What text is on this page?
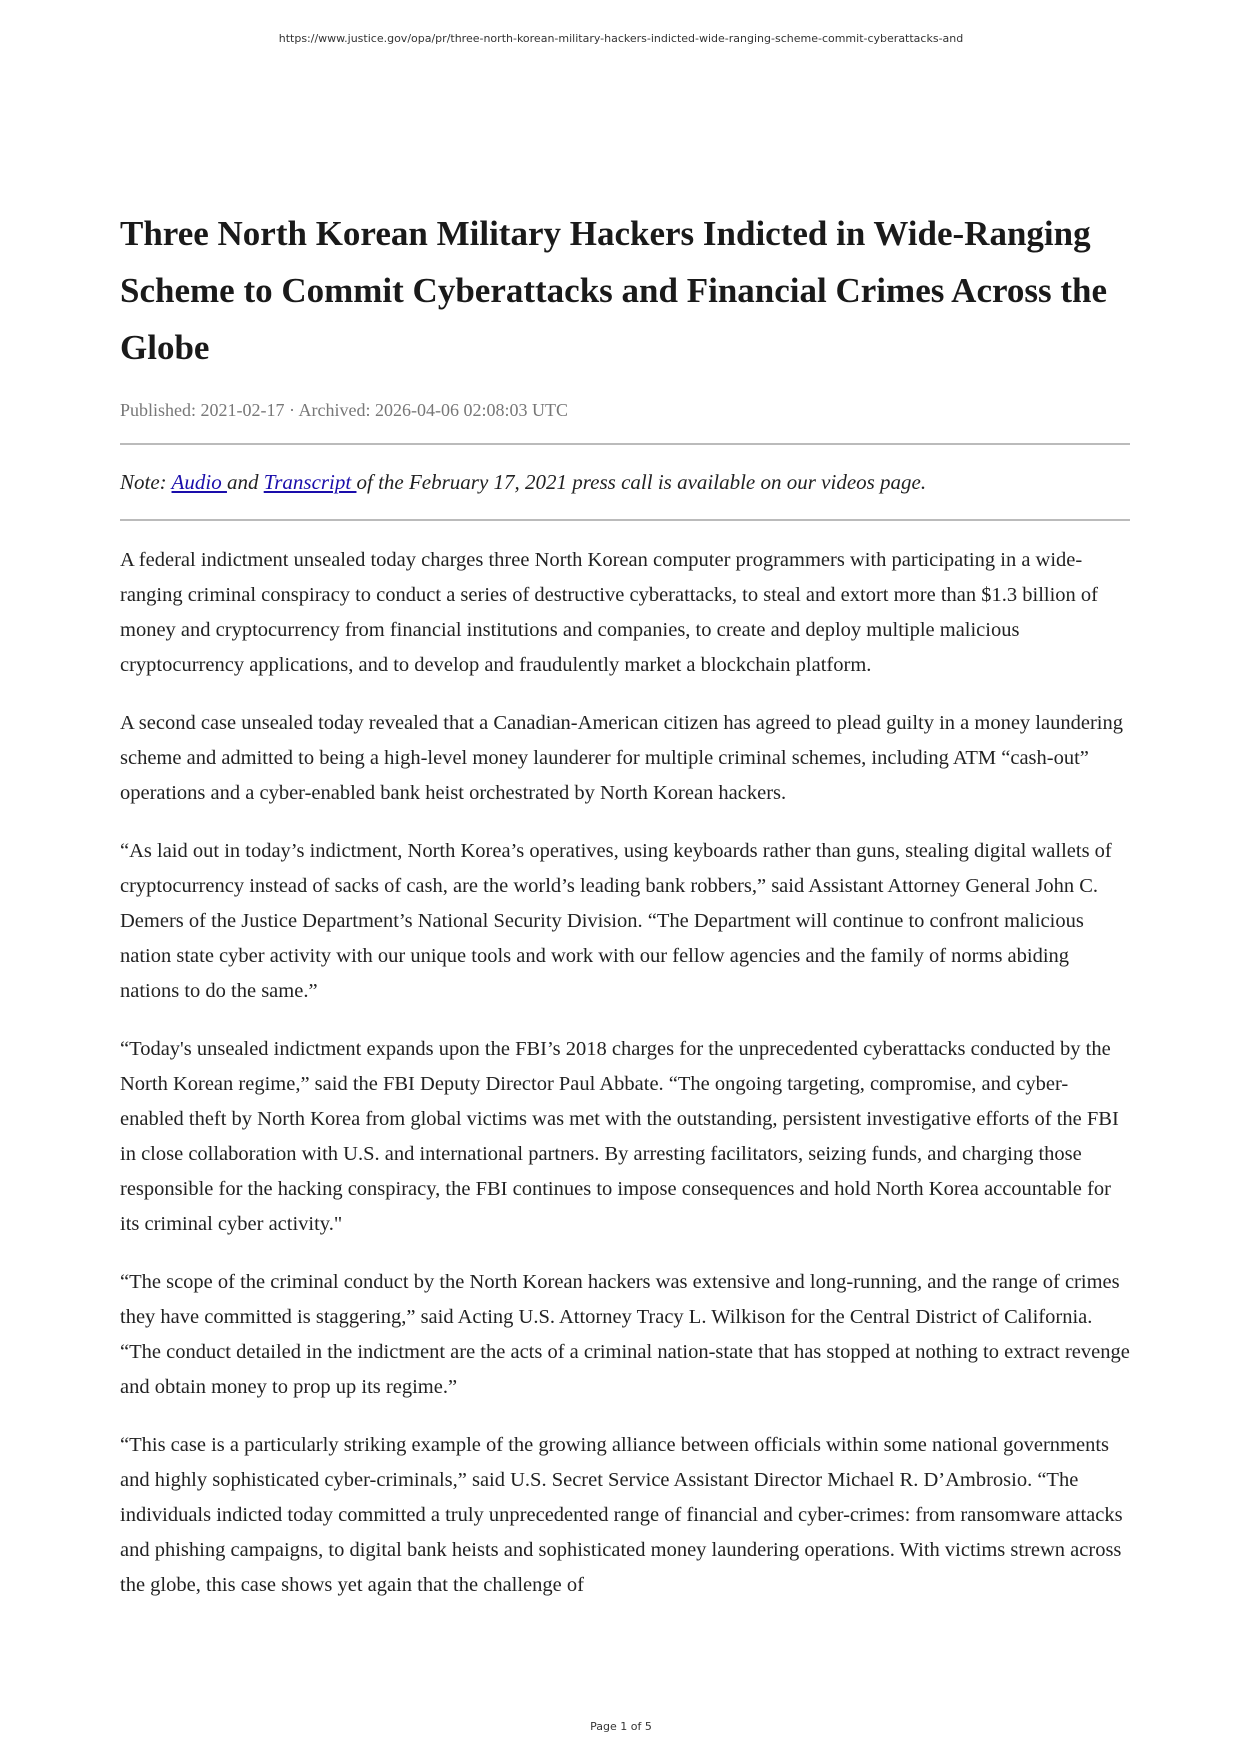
https://www.justice.gov/opa/pr/three-north-korean-military-hackers-indicted-wide-ranging-scheme-commit-cyberattacks-and
Three North Korean Military Hackers Indicted in Wide-Ranging Scheme to Commit Cyberattacks and Financial Crimes Across the Globe
Published: 2021-02-17 · Archived: 2026-04-06 02:08:03 UTC
Note: Audio and Transcript of the February 17, 2021 press call is available on our videos page.

A federal indictment unsealed today charges three North Korean computer programmers with participating in a wide-ranging criminal conspiracy to conduct a series of destructive cyberattacks, to steal and extort more than $1.3 billion of money and cryptocurrency from financial institutions and companies, to create and deploy multiple malicious cryptocurrency applications, and to develop and fraudulently market a blockchain platform.

A second case unsealed today revealed that a Canadian-American citizen has agreed to plead guilty in a money laundering scheme and admitted to being a high-level money launderer for multiple criminal schemes, including ATM “cash-out” operations and a cyber-enabled bank heist orchestrated by North Korean hackers.

“As laid out in today’s indictment, North Korea’s operatives, using keyboards rather than guns, stealing digital wallets of cryptocurrency instead of sacks of cash, are the world’s leading bank robbers,” said Assistant Attorney General John C. Demers of the Justice Department’s National Security Division. “The Department will continue to confront malicious nation state cyber activity with our unique tools and work with our fellow agencies and the family of norms abiding nations to do the same.”

“Today's unsealed indictment expands upon the FBI’s 2018 charges for the unprecedented cyberattacks conducted by the North Korean regime,” said the FBI Deputy Director Paul Abbate. “The ongoing targeting, compromise, and cyber-enabled theft by North Korea from global victims was met with the outstanding, persistent investigative efforts of the FBI in close collaboration with U.S. and international partners. By arresting facilitators, seizing funds, and charging those responsible for the hacking conspiracy, the FBI continues to impose consequences and hold North Korea accountable for its criminal cyber activity."

“The scope of the criminal conduct by the North Korean hackers was extensive and long-running, and the range of crimes they have committed is staggering,” said Acting U.S. Attorney Tracy L. Wilkison for the Central District of California. “The conduct detailed in the indictment are the acts of a criminal nation-state that has stopped at nothing to extract revenge and obtain money to prop up its regime.”

“This case is a particularly striking example of the growing alliance between officials within some national governments and highly sophisticated cyber-criminals,” said U.S. Secret Service Assistant Director Michael R. D’Ambrosio. “The individuals indicted today committed a truly unprecedented range of financial and cyber-crimes: from ransomware attacks and phishing campaigns, to digital bank heists and sophisticated money laundering operations. With victims strewn across the globe, this case shows yet again that the challenge of

Page 1 of 5
